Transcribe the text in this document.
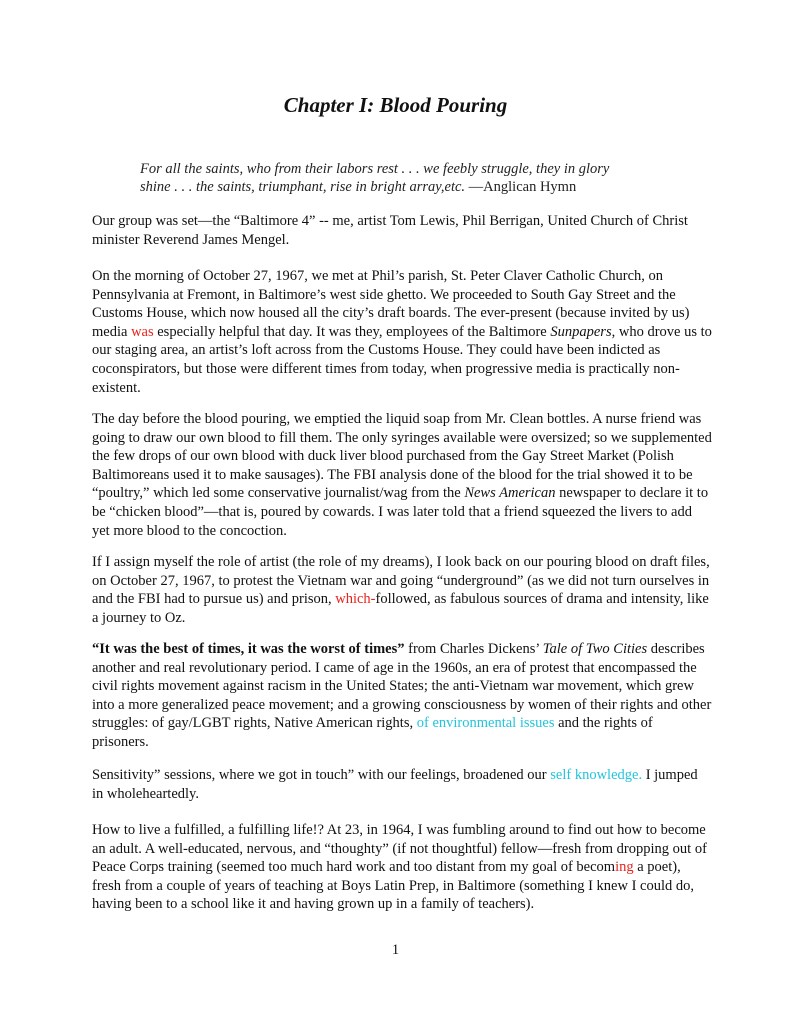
Chapter I: Blood Pouring

For all the saints, who from their labors rest . . . we feebly struggle, they in glory
shine . . . the saints, triumphant, rise in bright array,etc. —Anglican Hymn

Our group was set—the “Baltimore 4” -- me, artist Tom Lewis, Phil Berrigan, United Church of Christ minister Reverend James Mengel.

On the morning of October 27, 1967, we met at Phil’s parish, St. Peter Claver Catholic Church, on Pennsylvania at Fremont, in Baltimore’s west side ghetto. We proceeded to South Gay Street and the Customs House, which now housed all the city’s draft boards. The ever-present (because invited by us) media was especially helpful that day. It was they, employees of the Baltimore Sunpapers, who drove us to our staging area, an artist’s loft across from the Customs House. They could have been indicted as coconspirators, but those were different times from today, when progressive media is practically non-existent.

The day before the blood pouring, we emptied the liquid soap from Mr. Clean bottles. A nurse friend was going to draw our own blood to fill them. The only syringes available were oversized; so we supplemented the few drops of our own blood with duck liver blood purchased from the Gay Street Market (Polish Baltimoreans used it to make sausages). The FBI analysis done of the blood for the trial showed it to be “poultry,” which led some conservative journalist/wag from the News American newspaper to declare it to be “chicken blood”—that is, poured by cowards. I was later told that a friend squeezed the livers to add yet more blood to the concoction.

If I assign myself the role of artist (the role of my dreams), I look back on our pouring blood on draft files, on October 27, 1967, to protest the Vietnam war and going “underground” (as we did not turn ourselves in and the FBI had to pursue us) and prison, which-followed, as fabulous sources of drama and intensity, like a journey to Oz.

“It was the best of times, it was the worst of times” from Charles Dickens’ Tale of Two Cities describes another and real revolutionary period. I came of age in the 1960s, an era of protest that encompassed the civil rights movement against racism in the United States; the anti-Vietnam war movement, which grew into a more generalized peace movement; and a growing consciousness by women of their rights and other struggles: of gay/LGBT rights, Native American rights, of environmental issues and the rights of prisoners.

Sensitivity” sessions, where we got in touch” with our feelings, broadened our self knowledge. I jumped in wholeheartedly.

How to live a fulfilled, a fulfilling life!? At 23, in 1964, I was fumbling around to find out how to become an adult. A well-educated, nervous, and “thoughty” (if not thoughtful) fellow—fresh from dropping out of Peace Corps training (seemed too much hard work and too distant from my goal of becoming a poet), fresh from a couple of years of teaching at Boys Latin Prep, in Baltimore (something I knew I could do, having been to a school like it and having grown up in a family of teachers).

1
